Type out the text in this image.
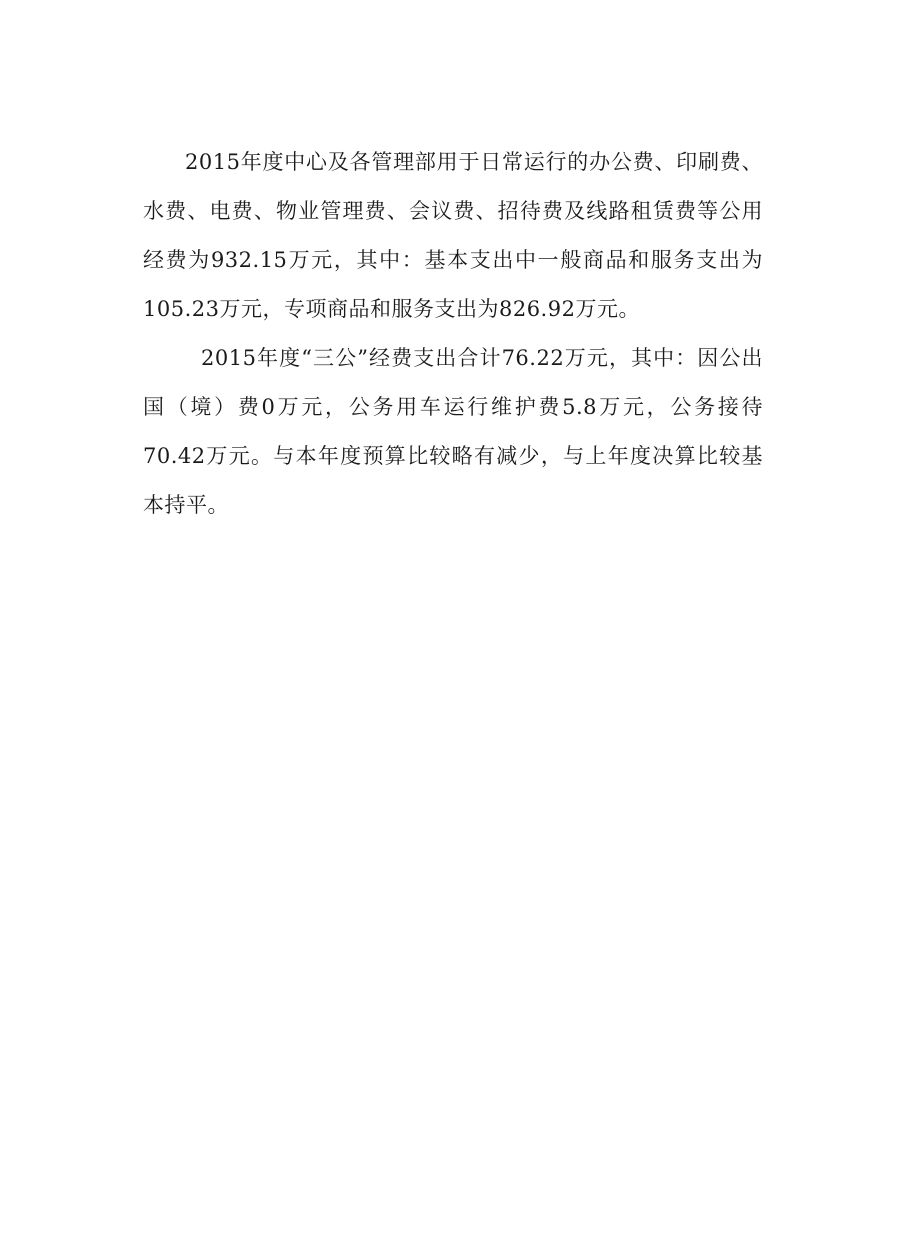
2015年度中心及各管理部用于日常运行的办公费、印刷费、水费、电费、物业管理费、会议费、招待费及线路租赁费等公用经费为932.15万元，其中：基本支出中一般商品和服务支出为105.23万元，专项商品和服务支出为826.92万元。

2015年度“三公”经费支出合计76.22万元，其中：因公出国（境）费0万元，公务用车运行维护费5.8万元，公务接待70.42万元。与本年度预算比较略有减少，与上年度决算比较基本持平。
